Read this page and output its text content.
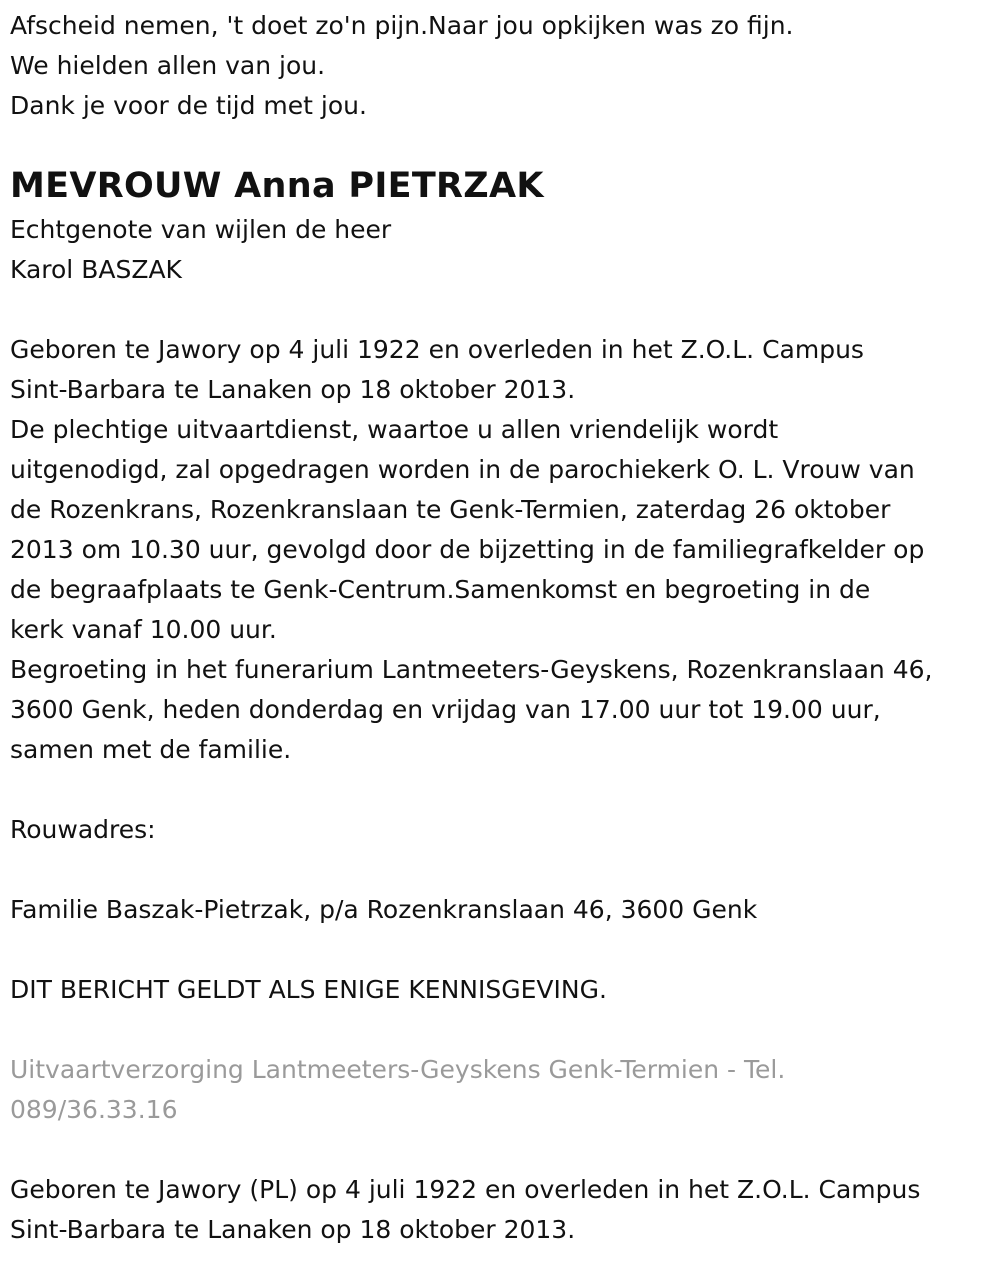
Afscheid nemen, 't doet zo'n pijn.Naar jou opkijken was zo fijn.
We hielden allen van jou.
Dank je voor de tijd met jou.
MEVROUW Anna PIETRZAK
Echtgenote van wijlen de heer
Karol BASZAK
Geboren te Jawory op 4 juli 1922 en overleden in het Z.O.L. Campus
Sint-Barbara te Lanaken op 18 oktober 2013.
De plechtige uitvaartdienst, waartoe u allen vriendelijk wordt
uitgenodigd, zal opgedragen worden in de parochiekerk O. L. Vrouw van
de Rozenkrans, Rozenkranslaan te Genk-Termien, zaterdag 26 oktober
2013 om 10.30 uur, gevolgd door de bijzetting in de familiegrafkelder op
de begraafplaats te Genk-Centrum.Samenkomst en begroeting in de
kerk vanaf 10.00 uur.
Begroeting in het funerarium Lantmeeters-Geyskens, Rozenkranslaan 46,
3600 Genk, heden donderdag en vrijdag van 17.00 uur tot 19.00 uur,
samen met de familie.
Rouwadres:
Familie Baszak-Pietrzak, p/a Rozenkranslaan 46, 3600 Genk
DIT BERICHT GELDT ALS ENIGE KENNISGEVING.
Uitvaartverzorging Lantmeeters-Geyskens Genk-Termien - Tel.
089/36.33.16
Geboren te Jawory (PL) op 4 juli 1922 en overleden in het Z.O.L. Campus
Sint-Barbara te Lanaken op 18 oktober 2013.
